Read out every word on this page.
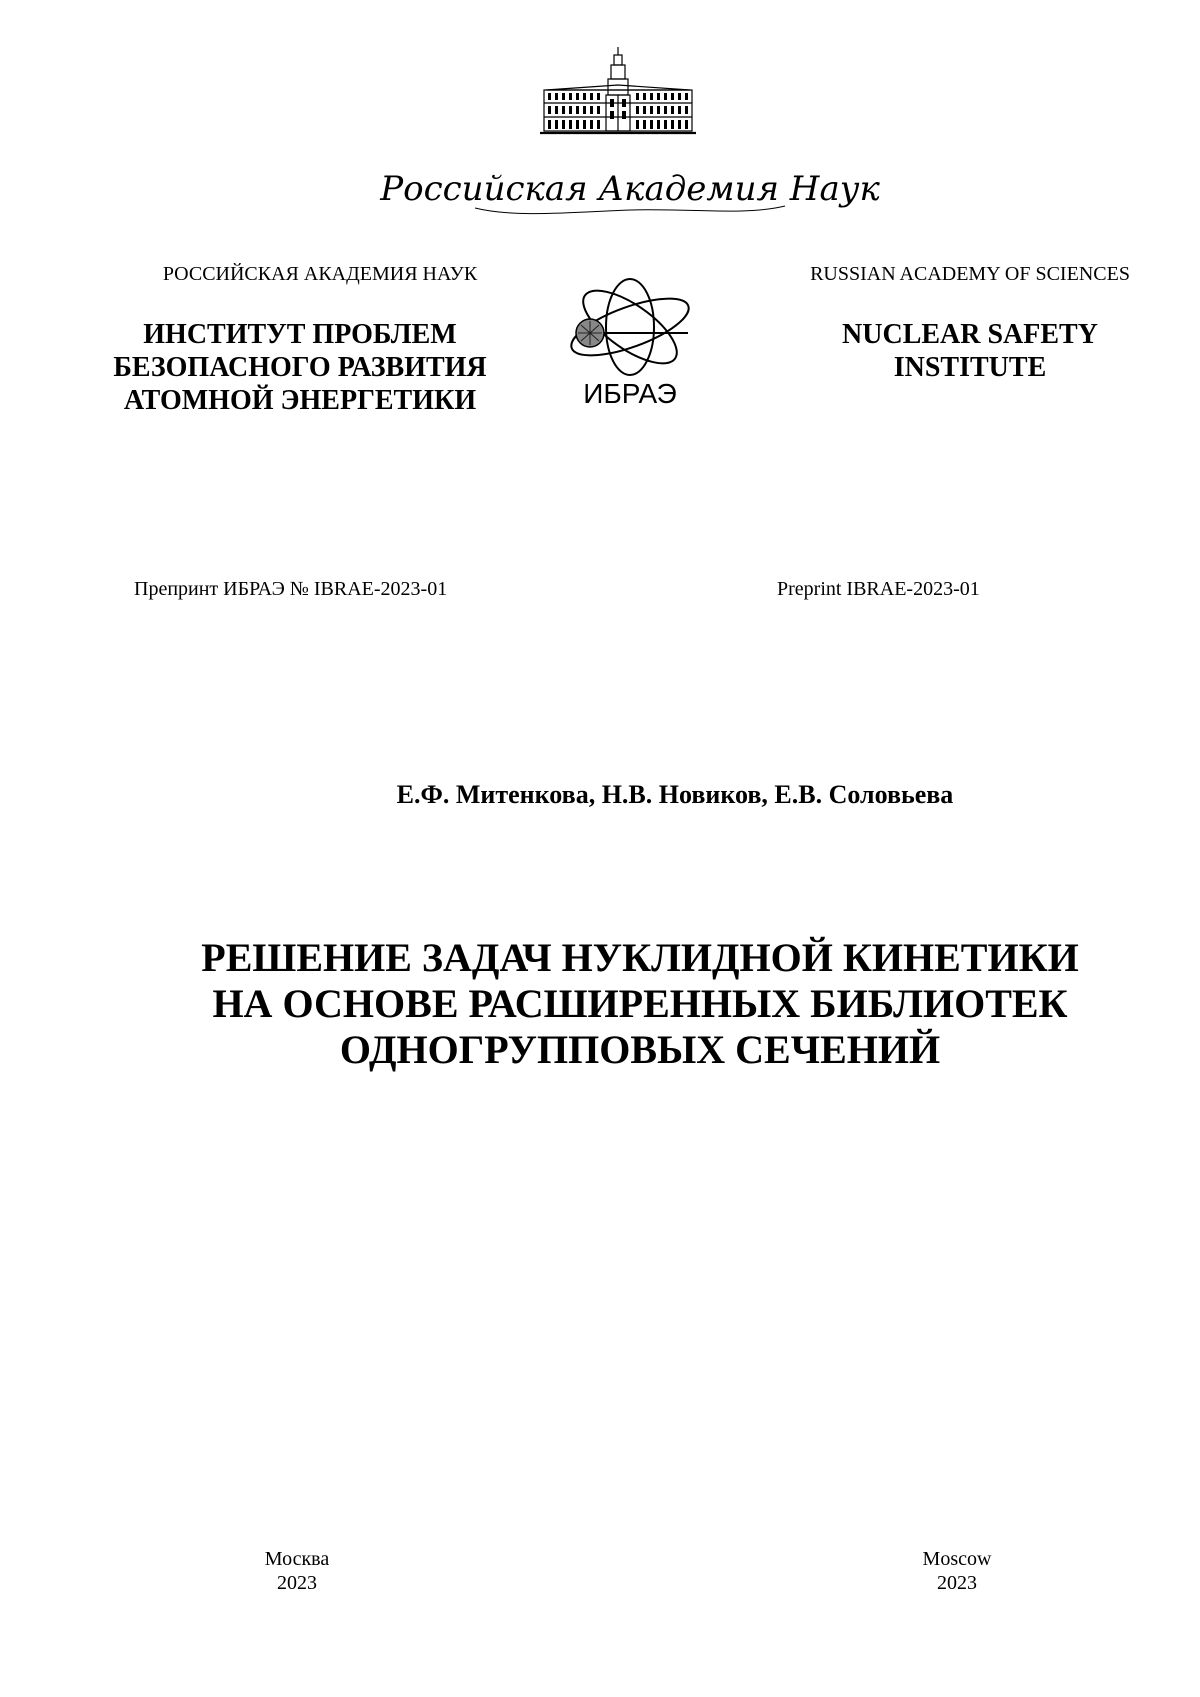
Российская Академия Наук
ИБРАЭ
РОССИЙСКАЯ АКАДЕМИЯ НАУК
ИНСТИТУТ ПРОБЛЕМ
БЕЗОПАСНОГО РАЗВИТИЯ
АТОМНОЙ ЭНЕРГЕТИКИ
RUSSIAN ACADEMY OF SCIENCES
NUCLEAR SAFETY
INSTITUTE
Препринт ИБРАЭ № IBRAE-2023-01	Preprint IBRAE-2023-01
Е.Ф. Митенкова, Н.В. Новиков, Е.В. Соловьева
РЕШЕНИЕ ЗАДАЧ НУКЛИДНОЙ КИНЕТИКИ
НА ОСНОВЕ РАСШИРЕННЫХ БИБЛИОТЕК
ОДНОГРУППОВЫХ СЕЧЕНИЙ
Москва
2023
Moscow
2023
